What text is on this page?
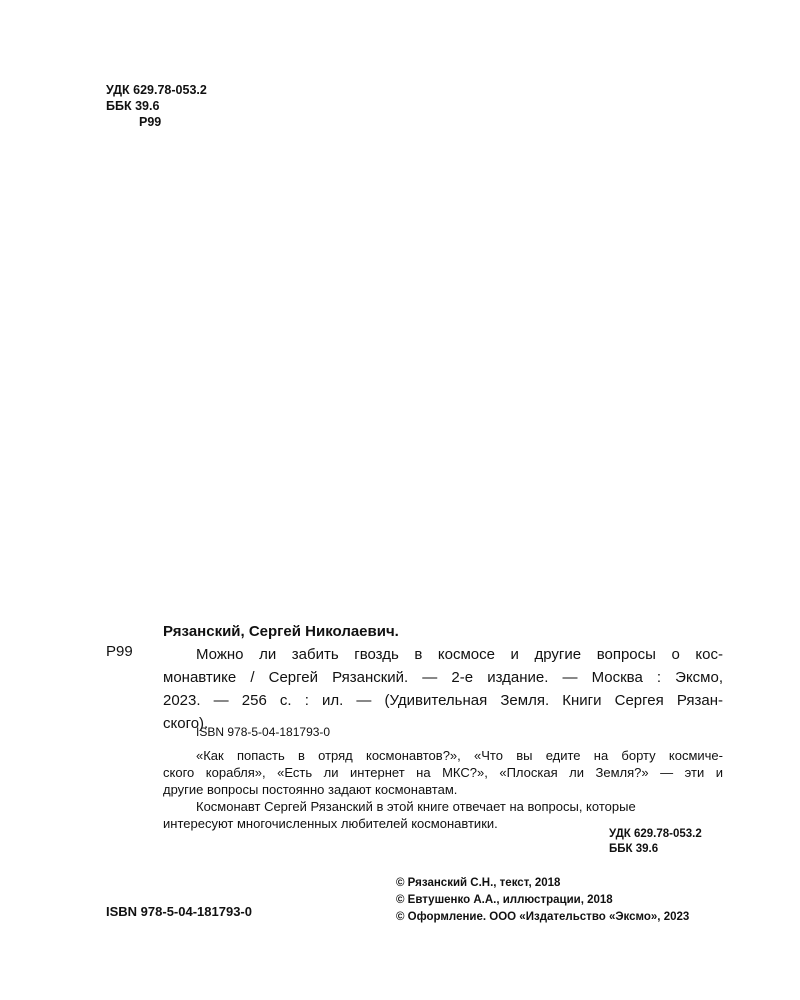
УДК 629.78-053.2
ББК 39.6
Р99
Рязанский, Сергей Николаевич.
Р99	Можно ли забить гвоздь в космосе и другие вопросы о кос-
монавтике / Сергей Рязанский. — 2-е издание. — Москва : Эксмо,
2023. — 256 с. : ил. — (Удивительная Земля. Книги Сергея Рязан-
ского).
ISBN 978-5-04-181793-0
«Как попасть в отряд космонавтов?», «Что вы едите на борту космиче-
ского корабля», «Есть ли интернет на МКС?», «Плоская ли Земля?» — эти и
другие вопросы постоянно задают космонавтам.
Космонавт Сергей Рязанский в этой книге отвечает на вопросы, которые
интересуют многочисленных любителей космонавтики.
УДК 629.78-053.2
ББК 39.6
© Рязанский С.Н., текст, 2018
© Евтушенко А.А., иллюстрации, 2018
© Оформление. ООО «Издательство «Эксмо», 2023
ISBN 978-5-04-181793-0
